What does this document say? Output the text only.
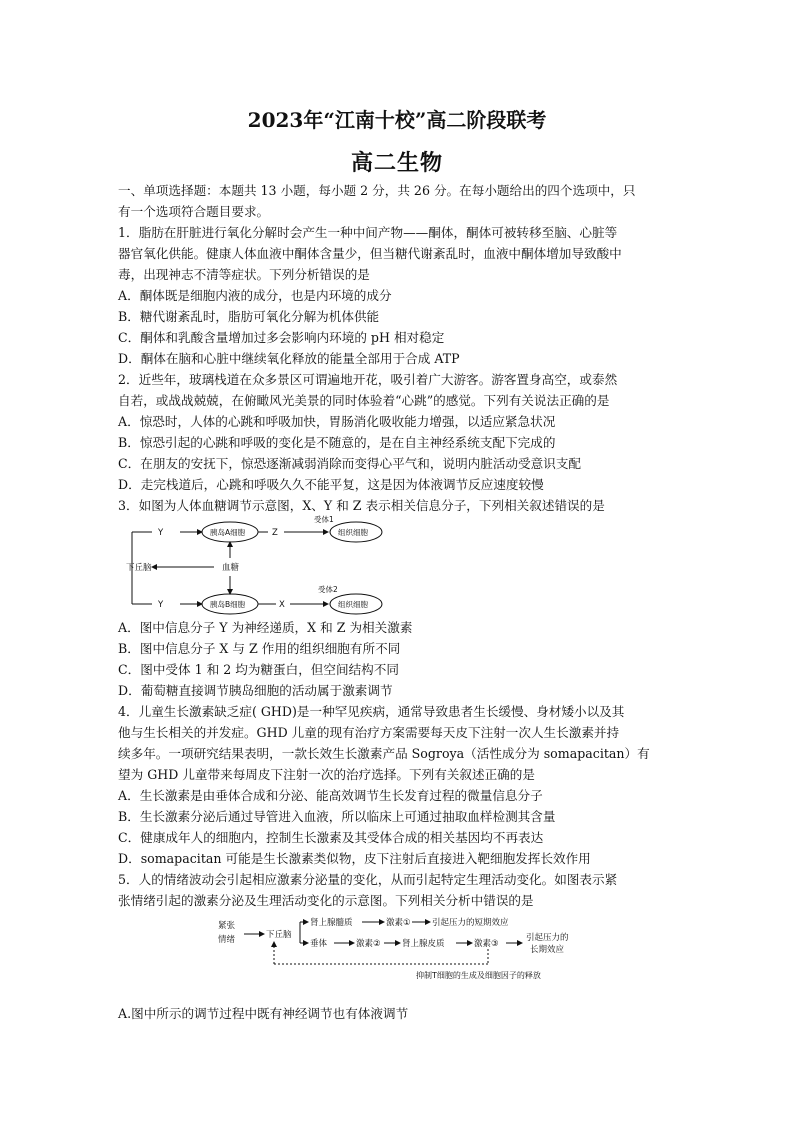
2023年“江南十校”高二阶段联考
高二生物
一、单项选择题：本题共 13 小题，每小题 2 分，共 26 分。在每小题给出的四个选项中，只
有一个选项符合题目要求。
1．脂肪在肝脏进行氧化分解时会产生一种中间产物——酮体，酮体可被转移至脑、心脏等
器官氧化供能。健康人体血液中酮体含量少，但当糖代谢紊乱时，血液中酮体增加导致酸中
毒，出现神志不清等症状。下列分析错误的是
A．酮体既是细胞内液的成分，也是内环境的成分
B．糖代谢紊乱时，脂肪可氧化分解为机体供能
C．酮体和乳酸含量增加过多会影响内环境的 pH 相对稳定
D．酮体在脑和心脏中继续氧化释放的能量全部用于合成 ATP
2．近些年，玻璃栈道在众多景区可谓遍地开花，吸引着广大游客。游客置身高空，或泰然
自若，或战战兢兢，在俯瞰风光美景的同时体验着“心跳”的感觉。下列有关说法正确的是
A．惊恐时，人体的心跳和呼吸加快，胃肠消化吸收能力增强，以适应紧急状况
B．惊恐引起的心跳和呼吸的变化是不随意的，是在自主神经系统支配下完成的
C．在朋友的安抚下，惊恐逐渐减弱消除而变得心平气和，说明内脏活动受意识支配
D．走完栈道后，心跳和呼吸久久不能平复，这是因为体液调节反应速度较慢
3．如图为人体血糖调节示意图，X、Y 和 Z 表示相关信息分子，下列相关叙述错误的是
下丘脑
Y
Y
胰岛A细胞
胰岛B细胞
血糖
Z
X
组织细胞
组织细胞
受体1
受体2
A．图中信息分子 Y 为神经递质，X 和 Z 为相关激素
B．图中信息分子 X 与 Z 作用的组织细胞有所不同
C．图中受体 1 和 2 均为糖蛋白，但空间结构不同
D．葡萄糖直接调节胰岛细胞的活动属于激素调节
4．儿童生长激素缺乏症( GHD)是一种罕见疾病，通常导致患者生长缓慢、身材矮小以及其
他与生长相关的并发症。GHD 儿童的现有治疗方案需要每天皮下注射一次人生长激素并持
续多年。一项研究结果表明，一款长效生长激素产品 Sogroya（活性成分为 somapacitan）有
望为 GHD 儿童带来每周皮下注射一次的治疗选择。下列有关叙述正确的是
A．生长激素是由垂体合成和分泌、能高效调节生长发育过程的微量信息分子
B．生长激素分泌后通过导管进入血液，所以临床上可通过抽取血样检测其含量
C．健康成年人的细胞内，控制生长激素及其受体合成的相关基因均不再表达
D．somapacitan 可能是生长激素类似物，皮下注射后直接进入靶细胞发挥长效作用
5．人的情绪波动会引起相应激素分泌量的变化，从而引起特定生理活动变化。如图表示紧
张情绪引起的激素分泌及生理活动变化的示意图。下列相关分析中错误的是
紧张
情绪	下丘脑
肾上腺髓质	激素①	引起压力的短期效应
垂体	激素②	肾上腺皮质	激素③
引起压力的
长期效应
抑制T细胞的生成及细胞因子的释放
A.图中所示的调节过程中既有神经调节也有体液调节
